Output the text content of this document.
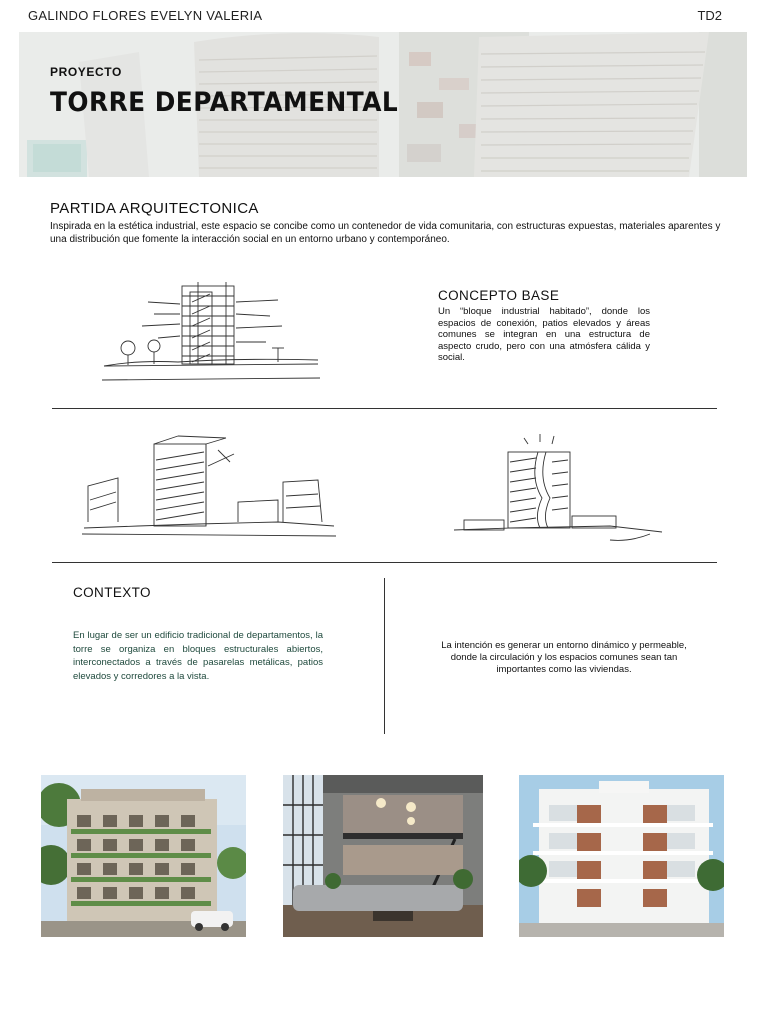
GALINDO FLORES EVELYN VALERIA	TD2
PROYECTO
TORRE DEPARTAMENTAL
PARTIDA ARQUITECTONICA
Inspirada en la estética industrial, este espacio se concibe como un contenedor de vida comunitaria, con estructuras expuestas, materiales aparentes y una distribución que fomente la interacción social en un entorno urbano y contemporáneo.
CONCEPTO BASE
Un “bloque industrial habitado”, donde los espacios de conexión, patios elevados y áreas comunes se integran en una estructura de aspecto crudo, pero con una atmósfera cálida y social.
CONTEXTO
En lugar de ser un edificio tradicional de departamentos, la torre se organiza en bloques estructurales abiertos, interconectados a través de pasarelas metálicas, patios elevados y corredores a la vista.
La intención es generar un entorno dinámico y permeable, donde la circulación y los espacios comunes sean tan importantes como las viviendas.
